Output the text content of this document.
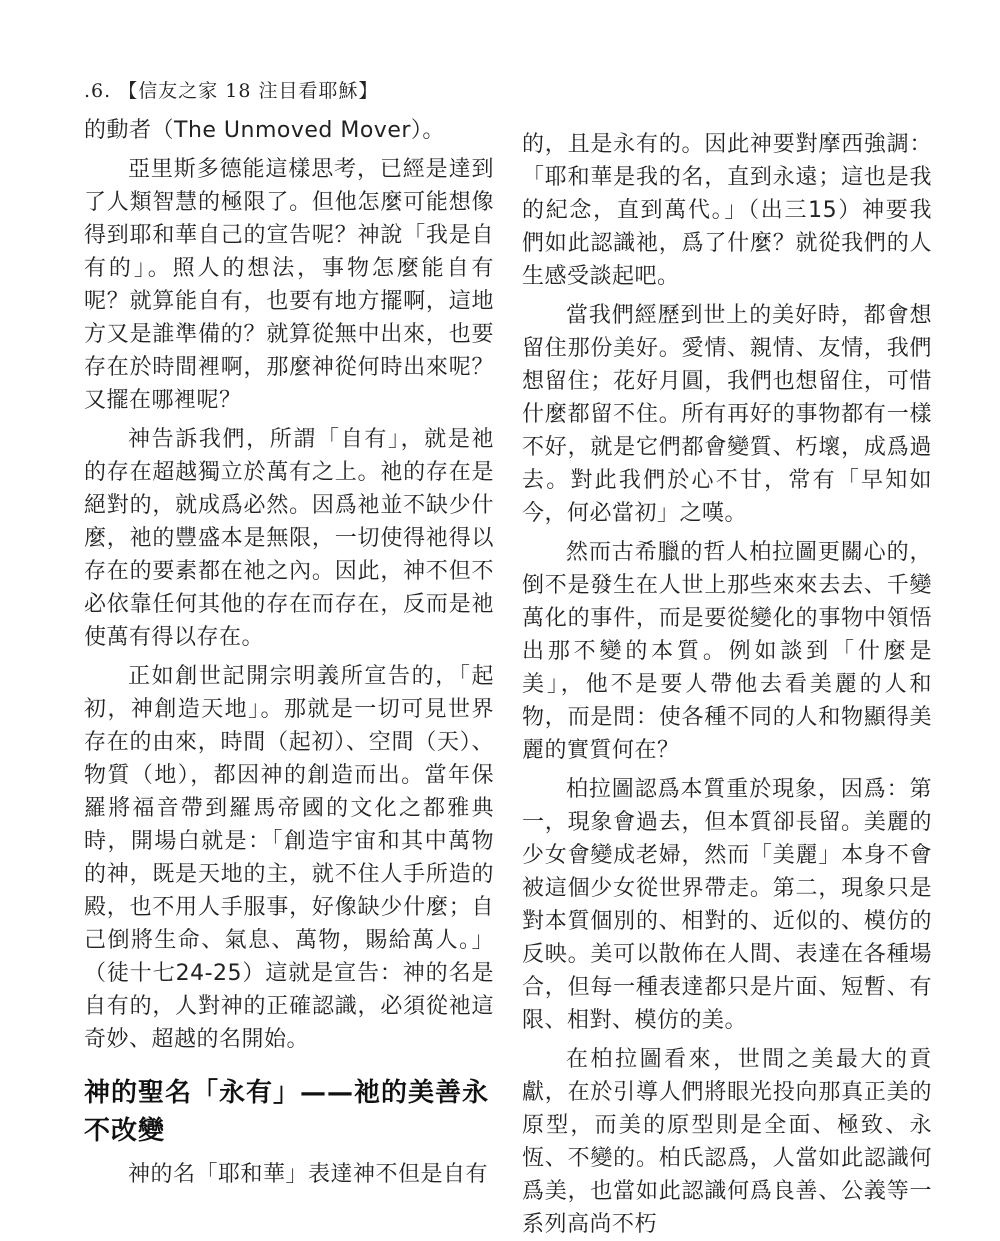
.6. 【信友之家 18 注目看耶穌】

的動者（The Unmoved Mover）。

亞里斯多德能這樣思考，已經是達到了人類智慧的極限了。但他怎麼可能想像得到耶和華自己的宣告呢？神說「我是自有的」。照人的想法，事物怎麼能自有呢？就算能自有，也要有地方擺啊，這地方又是誰準備的？就算從無中出來，也要存在於時間裡啊，那麼神從何時出來呢？又擺在哪裡呢？

神告訴我們，所謂「自有」，就是祂的存在超越獨立於萬有之上。祂的存在是絕對的，就成爲必然。因爲祂並不缺少什麼，祂的豐盛本是無限，一切使得祂得以存在的要素都在祂之內。因此，神不但不必依靠任何其他的存在而存在，反而是祂使萬有得以存在。

正如創世記開宗明義所宣告的，「起初，神創造天地」。那就是一切可見世界存在的由來，時間（起初）、空間（天）、物質（地），都因神的創造而出。當年保羅將福音帶到羅馬帝國的文化之都雅典時，開場白就是：「創造宇宙和其中萬物的神，既是天地的主，就不住人手所造的殿，也不用人手服事，好像缺少什麼；自己倒將生命、氣息、萬物，賜給萬人。」（徒十七24-25）這就是宣告：神的名是自有的，人對神的正確認識，必須從祂這奇妙、超越的名開始。

神的聖名「永有」——祂的美善永不改變

神的名「耶和華」表達神不但是自有

的，且是永有的。因此神要對摩西強調：「耶和華是我的名，直到永遠；這也是我的紀念，直到萬代。」（出三15）神要我們如此認識祂，爲了什麼？就從我們的人生感受談起吧。

當我們經歷到世上的美好時，都會想留住那份美好。愛情、親情、友情，我們想留住；花好月圓，我們也想留住，可惜什麼都留不住。所有再好的事物都有一樣不好，就是它們都會變質、朽壞，成爲過去。對此我們於心不甘，常有「早知如今，何必當初」之嘆。

然而古希臘的哲人柏拉圖更關心的，倒不是發生在人世上那些來來去去、千變萬化的事件，而是要從變化的事物中領悟出那不變的本質。例如談到「什麼是美」，他不是要人帶他去看美麗的人和物，而是問：使各種不同的人和物顯得美麗的實質何在？

柏拉圖認爲本質重於現象，因爲：第一，現象會過去，但本質卻長留。美麗的少女會變成老婦，然而「美麗」本身不會被這個少女從世界帶走。第二，現象只是對本質個別的、相對的、近似的、模仿的反映。美可以散佈在人間、表達在各種場合，但每一種表達都只是片面、短暫、有限、相對、模仿的美。

在柏拉圖看來，世間之美最大的貢獻，在於引導人們將眼光投向那真正美的原型，而美的原型則是全面、極致、永恆、不變的。柏氏認爲，人當如此認識何爲美，也當如此認識何爲良善、公義等一系列高尚不朽
